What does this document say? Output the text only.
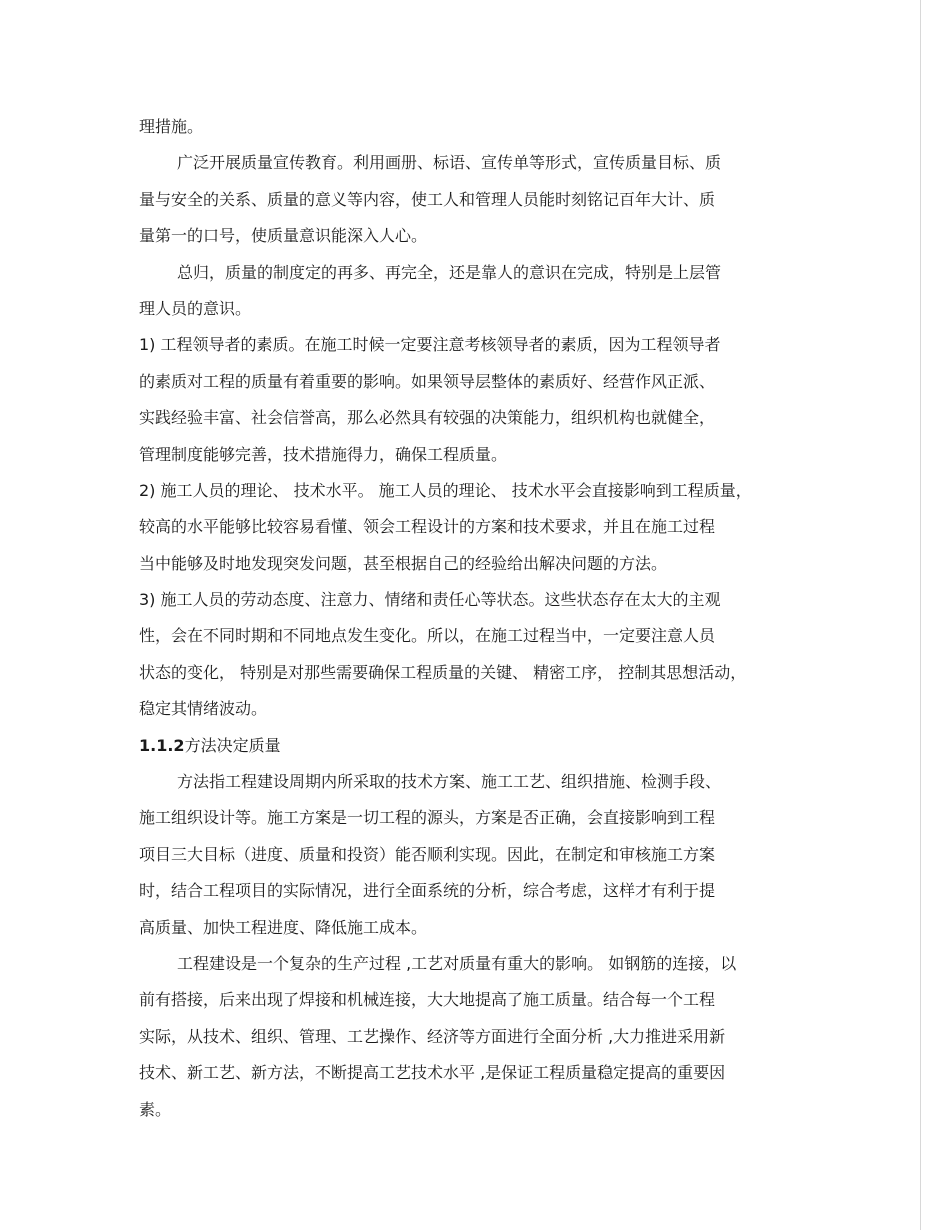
理措施。
广泛开展质量宣传教育。利用画册、标语、宣传单等形式，宣传质量目标、质
量与安全的关系、质量的意义等内容，使工人和管理人员能时刻铭记百年大计、质
量第一的口号，使质量意识能深入人心。
总归，质量的制度定的再多、再完全，还是靠人的意识在完成，特别是上层管
理人员的意识。
1) 工程领导者的素质。在施工时候一定要注意考核领导者的素质，因为工程领导者
的素质对工程的质量有着重要的影响。如果领导层整体的素质好、经营作风正派、
实践经验丰富、社会信誉高，那么必然具有较强的决策能力，组织机构也就健全，
管理制度能够完善，技术措施得力，确保工程质量。
2) 施工人员的理论、 技术水平。 施工人员的理论、 技术水平会直接影响到工程质量，
较高的水平能够比较容易看懂、领会工程设计的方案和技术要求，并且在施工过程
当中能够及时地发现突发问题，甚至根据自己的经验给出解决问题的方法。
3) 施工人员的劳动态度、注意力、情绪和责任心等状态。这些状态存在太大的主观
性，会在不同时期和不同地点发生变化。所以，在施工过程当中，一定要注意人员
状态的变化， 特别是对那些需要确保工程质量的关键、 精密工序， 控制其思想活动，
稳定其情绪波动。
1.1.2方法决定质量
方法指工程建设周期内所采取的技术方案、施工工艺、组织措施、检测手段、
施工组织设计等。施工方案是一切工程的源头，方案是否正确，会直接影响到工程
项目三大目标（进度、质量和投资）能否顺利实现。因此，在制定和审核施工方案
时，结合工程项目的实际情况，进行全面系统的分析，综合考虑，这样才有利于提
高质量、加快工程进度、降低施工成本。
工程建设是一个复杂的生产过程 ,工艺对质量有重大的影响。 如钢筋的连接，以
前有搭接，后来出现了焊接和机械连接，大大地提高了施工质量。结合每一个工程
实际，从技术、组织、管理、工艺操作、经济等方面进行全面分析 ,大力推进采用新
技术、新工艺、新方法，不断提高工艺技术水平 ,是保证工程质量稳定提高的重要因
素。
